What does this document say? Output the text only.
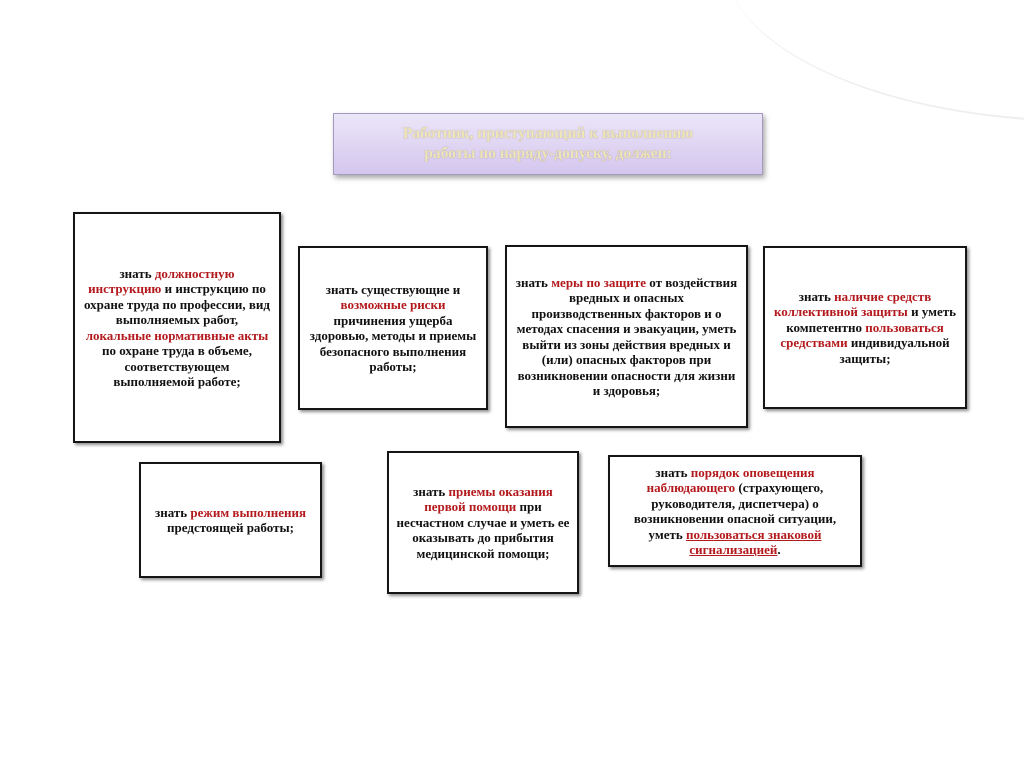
Работник, приступающий к выполнению
работы по наряду-допуску, должен:
знать должностную инструкцию и инструкцию по охране труда по профессии, вид выполняемых работ, локальные нормативные акты по охране труда в объеме, соответствующем выполняемой работе;
знать существующие и возможные риски причинения ущерба здоровью, методы и приемы безопасного выполнения работы;
знать меры по защите от воздействия вредных и опасных производственных факторов и о методах спасения и эвакуации, уметь выйти из зоны действия вредных и (или) опасных факторов при возникновении опасности для жизни и здоровья;
знать наличие средств коллективной защиты и уметь компетентно пользоваться средствами индивидуальной защиты;
знать режим выполнения предстоящей работы;
знать приемы оказания первой помощи при несчастном случае и уметь ее оказывать до прибытия медицинской помощи;
знать порядок оповещения наблюдающего (страхующего, руководителя, диспетчера) о возникновении опасной ситуации, уметь пользоваться знаковой сигнализацией.
